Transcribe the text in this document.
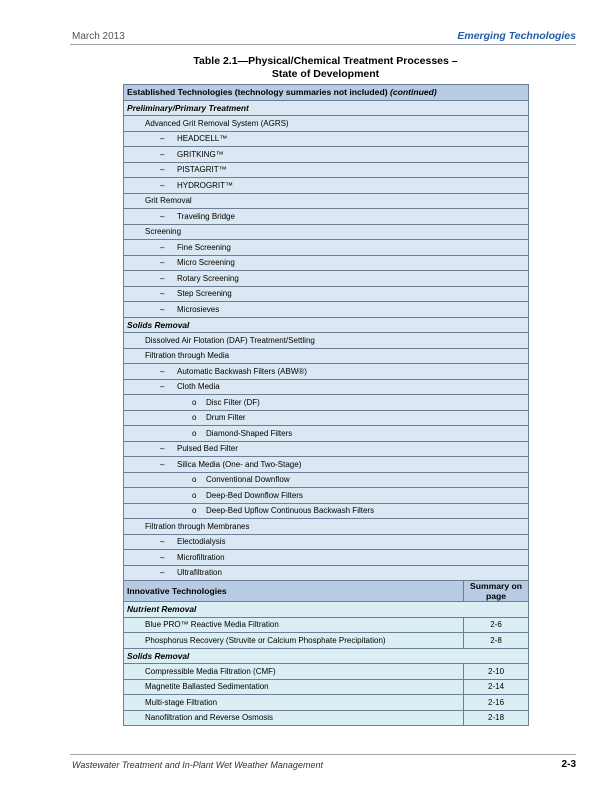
March 2013	Emerging Technologies
Table 2.1—Physical/Chemical Treatment Processes –
State of Development
Established Technologies (technology summaries not included) (continued)	
Preliminary/Primary Treatment	
Advanced Grit Removal System (AGRS)	
– HEADCELL™	
– GRITKING™	
– PISTAGRIT™	
– HYDROGRIT™	
Grit Removal	
– Traveling Bridge	
Screening	
– Fine Screening	
– Micro Screening	
– Rotary Screening	
– Step Screening	
– Microsieves	
Solids Removal	
Dissolved Air Flotation (DAF) Treatment/Settling	
Filtration through Media	
– Automatic Backwash Filters (ABW®)	
– Cloth Media	
o Disc Filter (DF)	
o Drum Filter	
o Diamond-Shaped Filters	
– Pulsed Bed Filter	
– Silica Media (One- and Two-Stage)	
o Conventional Downflow	
o Deep-Bed Downflow Filters	
o Deep-Bed Upflow Continuous Backwash Filters	
Filtration through Membranes	
– Electodialysis	
– Microfiltration	
– Ultrafiltration	
Innovative Technologies	Summary on page
Nutrient Removal	
Blue PRO™ Reactive Media Filtration	2-6
Phosphorus Recovery (Struvite or Calcium Phosphate Precipitation)	2-8
Solids Removal	
Compressible Media Filtration (CMF)	2-10
Magnetite Ballasted Sedimentation	2-14
Multi-stage Filtration	2-16
Nanofiltration and Reverse Osmosis	2-18
Wastewater Treatment and In-Plant Wet Weather Management	2-3
